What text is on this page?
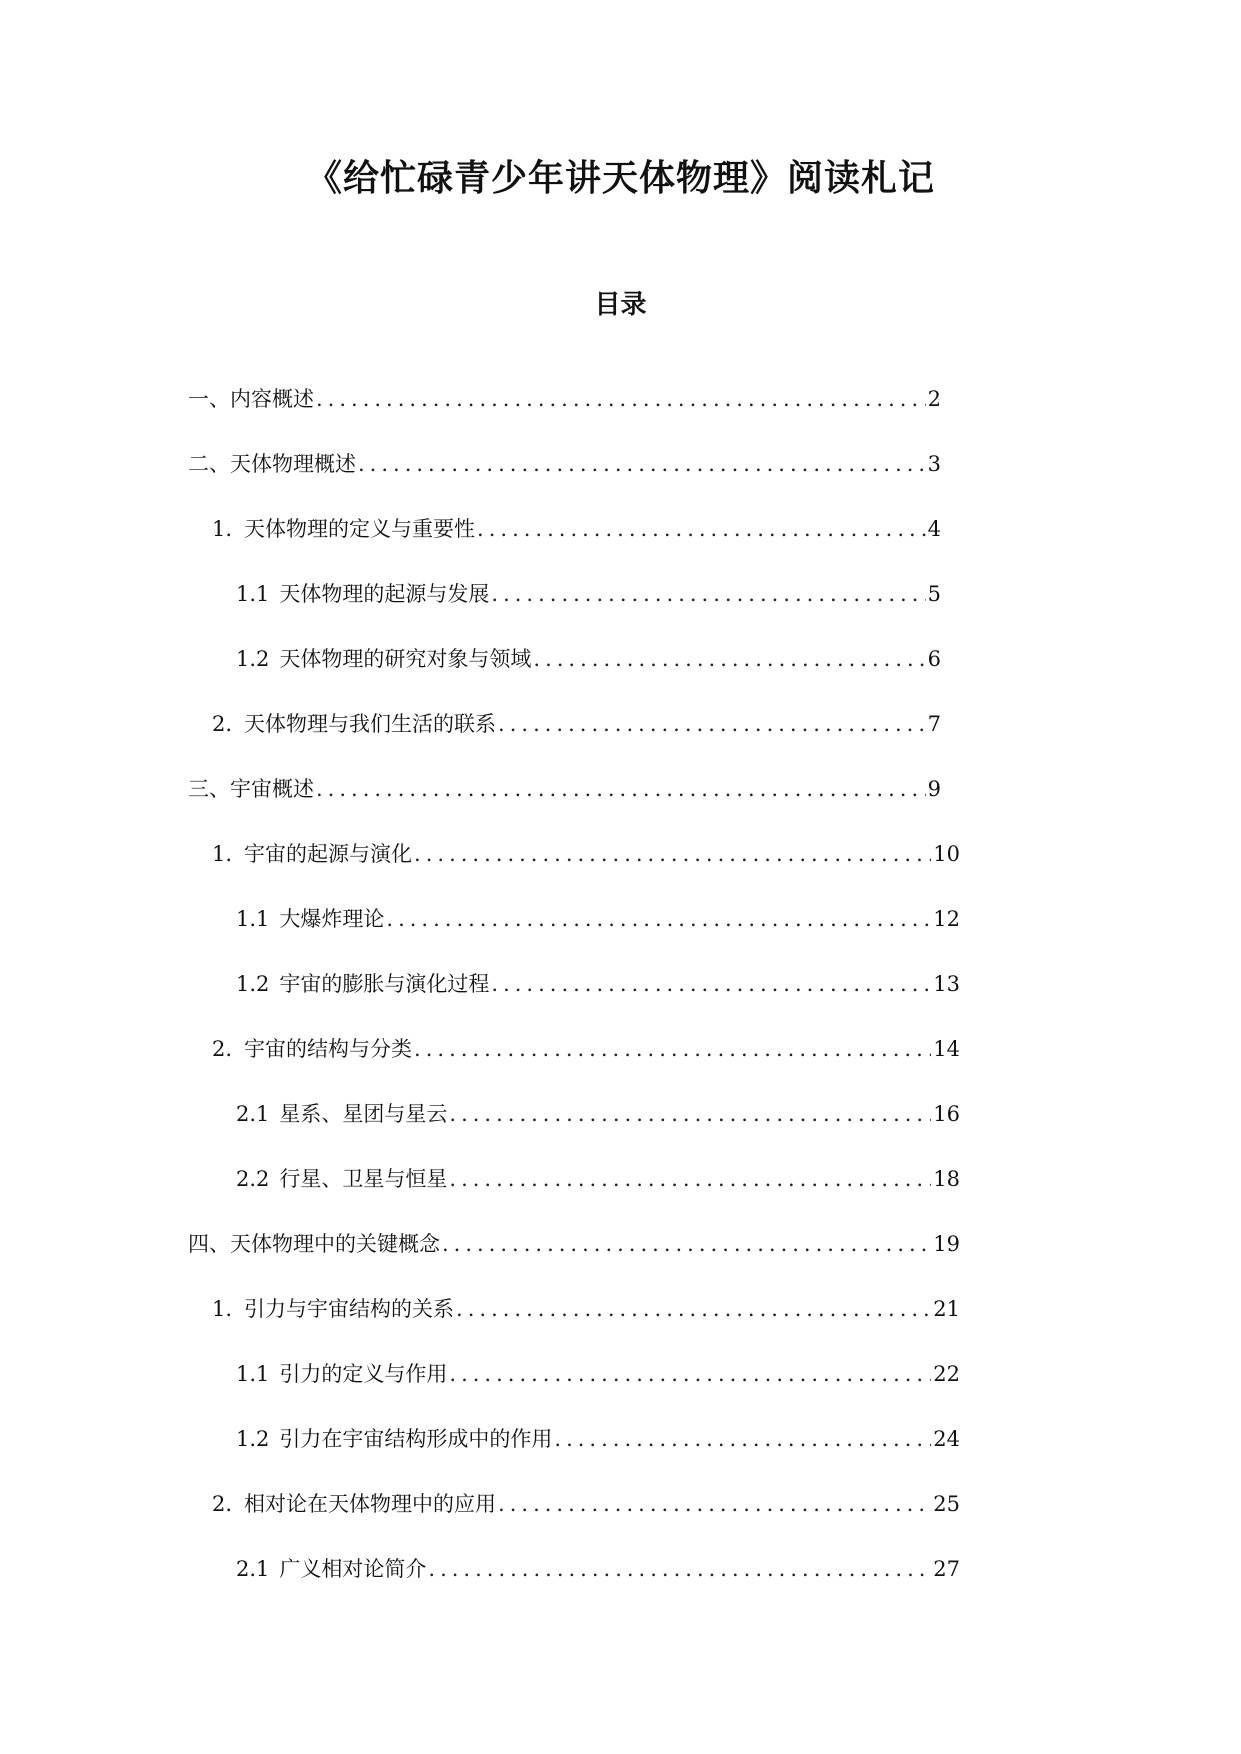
《给忙碌青少年讲天体物理》阅读札记
目录
一、内容概述 .....	2
二、天体物理概述 .....	3
1. 天体物理的定义与重要性 .....	4
1.1 天体物理的起源与发展 .....	5
1.2 天体物理的研究对象与领域 .....	6
2. 天体物理与我们生活的联系 .....	7
三、宇宙概述 .....	9
1. 宇宙的起源与演化 .....	10
1.1 大爆炸理论 .....	12
1.2 宇宙的膨胀与演化过程 .....	13
2. 宇宙的结构与分类 .....	14
2.1 星系、星团与星云 .....	16
2.2 行星、卫星与恒星 .....	18
四、天体物理中的关键概念 .....	19
1. 引力与宇宙结构的关系 .....	21
1.1 引力的定义与作用 .....	22
1.2 引力在宇宙结构形成中的作用 .....	24
2. 相对论在天体物理中的应用 .....	25
2.1 广义相对论简介 .....	27
